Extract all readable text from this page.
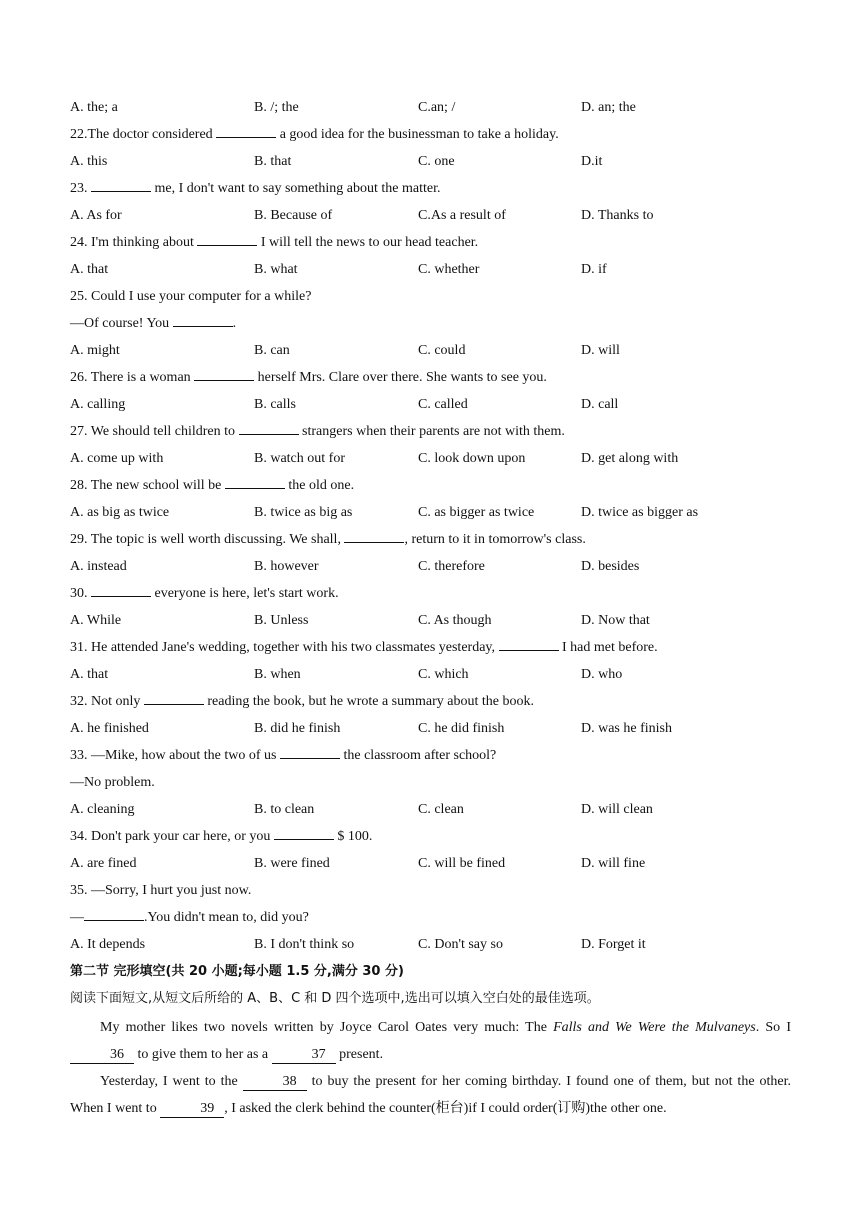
A. the; a	B. /; the	C.an; /	D. an; the
22.The doctor considered	a good idea for the businessman to take a holiday.
A. this	B. that	C. one	D.it
23.	me, I don't want to say something about the matter.
A. As for	B. Because of	C.As a result of	D. Thanks to
24. I'm thinking about	I will tell the news to our head teacher.
A. that	B. what	C. whether	D. if
25. Could I use your computer for a while?
—Of course! You	.
A. might	B. can	C. could	D. will
26. There is a woman	herself Mrs. Clare over there. She wants to see you.
A. calling	B. calls	C. called	D. call
27. We should tell children to	strangers when their parents are not with them.
A. come up with	B. watch out for	C. look down upon	D. get along with
28. The new school will be	the old one.
A. as big as twice	B. twice as big as	C. as bigger as twice	D. twice as bigger as
29. The topic is well worth discussing. We shall,	, return to it in tomorrow's class.
A. instead	B. however	C. therefore	D. besides
30.	everyone is here, let's start work.
A. While	B. Unless	C. As though	D. Now that
31. He attended Jane's wedding, together with his two classmates yesterday,	I had met before.
A. that	B. when	C. which	D. who
32. Not only	reading the book, but he wrote a summary about the book.
A. he finished	B. did he finish	C. he did finish	D. was he finish
33. —Mike, how about the two of us	the classroom after school?
—No problem.
A. cleaning	B. to clean	C. clean	D. will clean
34. Don't park your car here, or you	$ 100.
A. are fined	B. were fined	C. will be fined	D. will fine
35. —Sorry, I hurt you just now.
—	.You didn't mean to, did you?
A. It depends	B. I don't think so	C. Don't say so	D. Forget it
第二节 完形填空(共 20 小题;每小题 1.5 分,满分 30 分)
阅读下面短文,从短文后所给的 A、B、C 和 D 四个选项中,选出可以填入空白处的最佳选项。
My mother likes two novels written by Joyce Carol Oates very much: The Falls and We Were the Mulvaneys. So I 36 to give them to her as a	37 present.
Yesterday, I went to the	38 to buy the present for her coming birthday. I found one of them, but not the other. When I went to	39 , I asked the clerk behind the counter(柜台)if I could order(订购)the other one.
